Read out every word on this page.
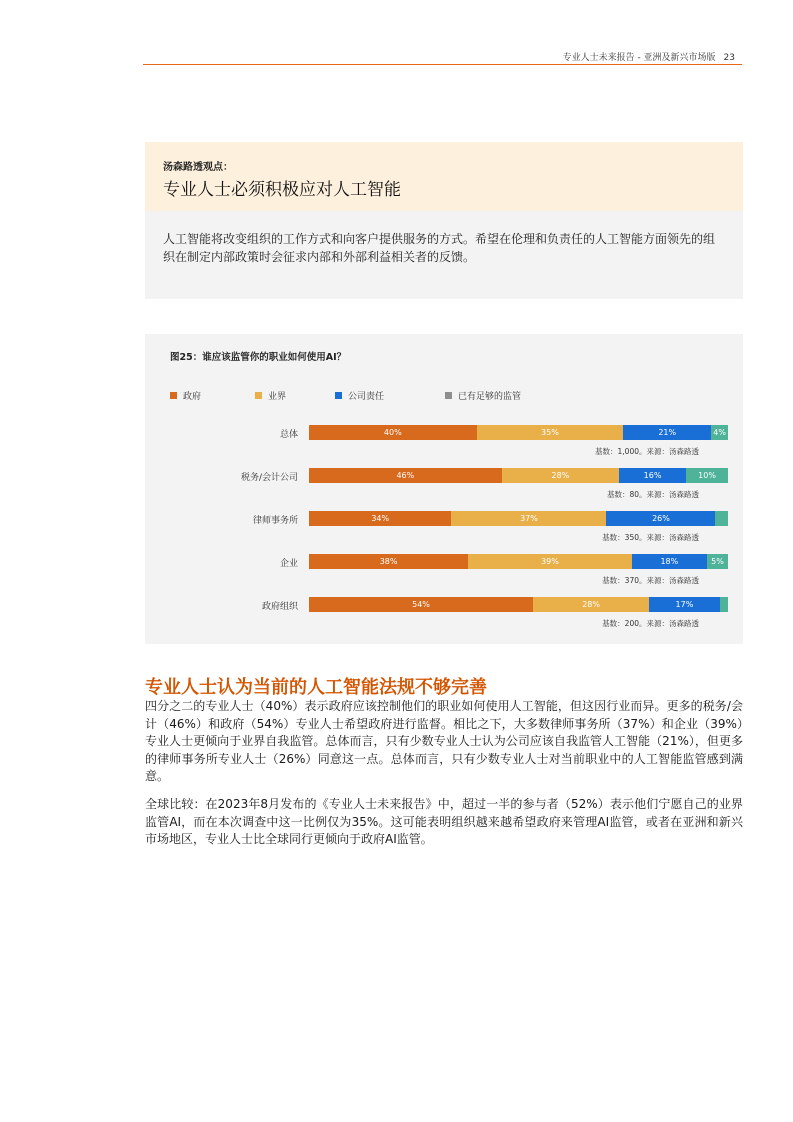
专业人士未来报告 - 亚洲及新兴市场版 23
汤森路透观点：
专业人士必须积极应对人工智能

人工智能将改变组织的工作方式和向客户提供服务的方式。希望在伦理和负责任的人工智能方面领先的组织在制定内部政策时会征求内部和外部利益相关者的反馈。

图25：谁应该监管你的职业如何使用AI？
政府	业界	公司责任	已有足够的监管
总体	40%	35%	21%	4%
基数：1,000。来源：汤森路透
税务/会计公司	46%	28%	16%	10%
基数：80。来源：汤森路透
律师事务所	34%	37%	26%
基数：350。来源：汤森路透
企业	38%	39%	18%	5%
基数：370。来源：汤森路透
政府组织	54%	28%	17%
基数：200。来源：汤森路透
专业人士认为当前的人工智能法规不够完善

四分之二的专业人士（40%）表示政府应该控制他们的职业如何使用人工智能，但这因行业而异。更多的税务/会计（46%）和政府（54%）专业人士希望政府进行监督。相比之下，大多数律师事务所（37%）和企业（39%）专业人士更倾向于业界自我监管。总体而言，只有少数专业人士认为公司应该自我监管人工智能（21%），但更多的律师事务所专业人士（26%）同意这一点。总体而言，只有少数专业人士对当前职业中的人工智能监管感到满意。

全球比较：在2023年8月发布的《专业人士未来报告》中，超过一半的参与者（52%）表示他们宁愿自己的业界监管AI，而在本次调查中这一比例仅为35%。这可能表明组织越来越希望政府来管理AI监管，或者在亚洲和新兴市场地区，专业人士比全球同行更倾向于政府AI监管。
